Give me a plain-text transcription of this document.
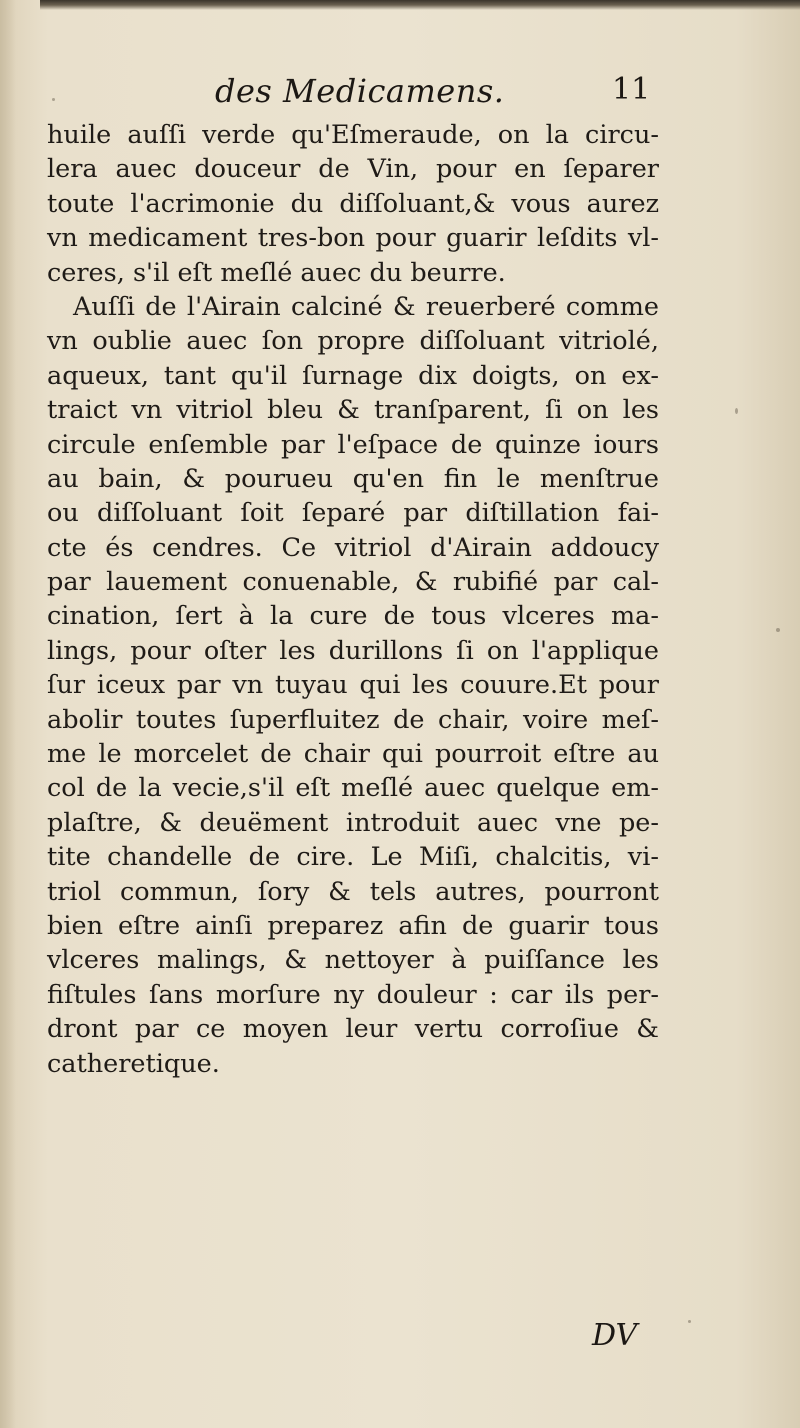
des Medicamens.	11
huile auſſi verde qu'Eſmeraude, on la circu-
lera auec douceur de Vin, pour en ſeparer
toute l'acrimonie du diſſoluant,& vous aurez
vn medicament tres-bon pour guarir leſdits vl-
ceres, s'il eſt meſlé auec du beurre.
Auſſi de l'Airain calciné & reuerberé comme
vn oublie auec ſon propre diſſoluant vitriolé,
aqueux, tant qu'il ſurnage dix doigts, on ex-
traict vn vitriol bleu & tranſparent, ſi on les
circule enſemble par l'eſpace de quinze iours
au bain, & pourueu qu'en fin le menſtrue
ou diſſoluant ſoit ſeparé par diſtillation fai-
cte és cendres. Ce vitriol d'Airain addoucy
par lauement conuenable, & rubifié par cal-
cination, ſert à la cure de tous vlceres ma-
lings, pour oſter les durillons ſi on l'applique
ſur iceux par vn tuyau qui les couure.Et pour
abolir toutes ſuperfluitez de chair, voire meſ-
me le morcelet de chair qui pourroit eſtre au
col de la vecie,s'il eſt meſlé auec quelque em-
plaſtre, & deuëment introduit auec vne pe-
tite chandelle de cire. Le Miſi, chalcitis, vi-
triol commun, ſory & tels autres, pourront
bien eſtre ainſi preparez afin de guarir tous
vlceres malings, & nettoyer à puiſſance les
fiſtules ſans morſure ny douleur : car ils per-
dront par ce moyen leur vertu corroſiue &
catheretique.
DV
